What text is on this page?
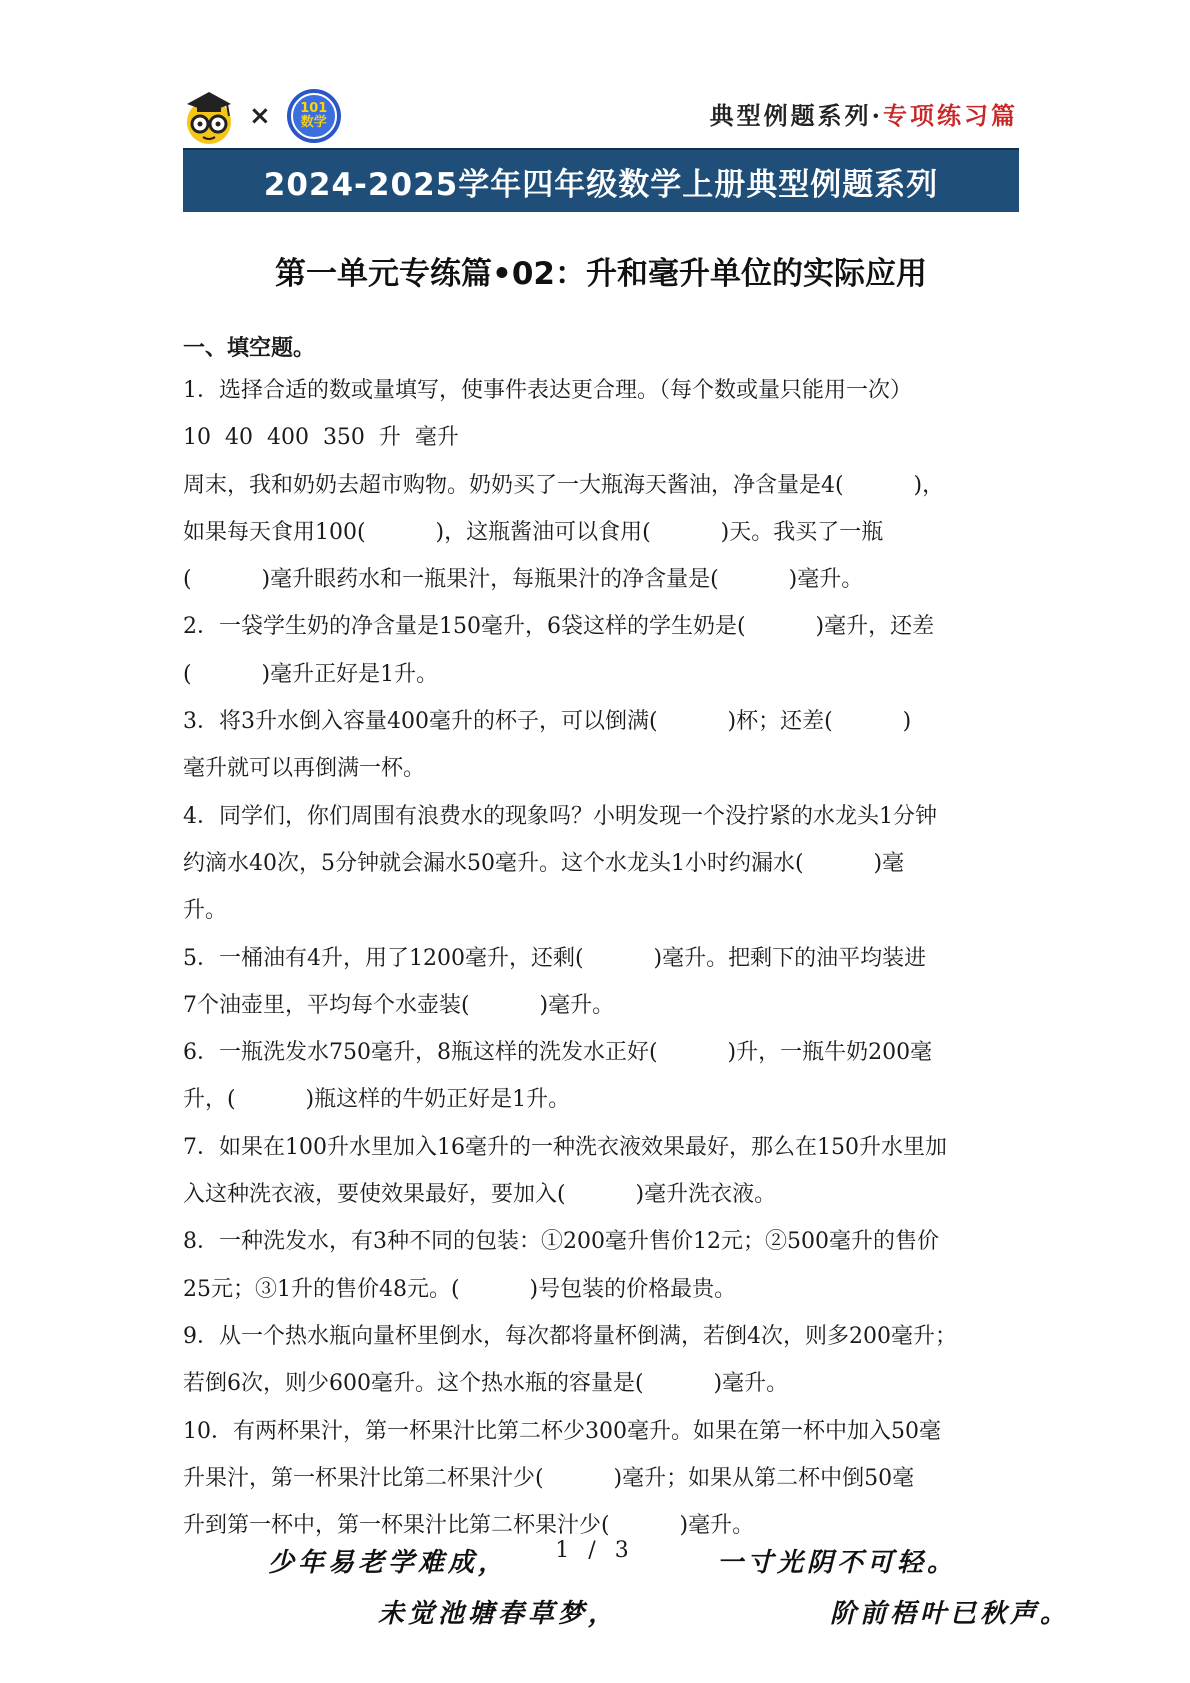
×	101数学	典型例题系列·专项练习篇
2024-2025学年四年级数学上册典型例题系列
第一单元专练篇•02：升和毫升单位的实际应用
一、填空题。

1．选择合适的数或量填写，使事件表达更合理。（每个数或量只能用一次）

10  40  400  350  升  毫升

周末，我和奶奶去超市购物。奶奶买了一大瓶海天酱油，净含量是4(          )，

如果每天食用100(          )，这瓶酱油可以食用(          )天。我买了一瓶

(          )毫升眼药水和一瓶果汁，每瓶果汁的净含量是(          )毫升。

2．一袋学生奶的净含量是150毫升，6袋这样的学生奶是(          )毫升，还差

(          )毫升正好是1升。

3．将3升水倒入容量400毫升的杯子，可以倒满(          )杯；还差(          )

毫升就可以再倒满一杯。

4．同学们，你们周围有浪费水的现象吗？小明发现一个没拧紧的水龙头1分钟

约滴水40次，5分钟就会漏水50毫升。这个水龙头1小时约漏水(          )毫

升。

5．一桶油有4升，用了1200毫升，还剩(          )毫升。把剩下的油平均装进

7个油壶里，平均每个水壶装(          )毫升。

6．一瓶洗发水750毫升，8瓶这样的洗发水正好(          )升，一瓶牛奶200毫

升，(          )瓶这样的牛奶正好是1升。

7．如果在100升水里加入16毫升的一种洗衣液效果最好，那么在150升水里加

入这种洗衣液，要使效果最好，要加入(          )毫升洗衣液。

8．一种洗发水，有3种不同的包装：①200毫升售价12元；②500毫升的售价

25元；③1升的售价48元。(          )号包装的价格最贵。

9．从一个热水瓶向量杯里倒水，每次都将量杯倒满，若倒4次，则多200毫升；

若倒6次，则少600毫升。这个热水瓶的容量是(          )毫升。

10．有两杯果汁，第一杯果汁比第二杯少300毫升。如果在第一杯中加入50毫

升果汁，第一杯果汁比第二杯果汁少(          )毫升；如果从第二杯中倒50毫

升到第一杯中，第一杯果汁比第二杯果汁少(          )毫升。

少年易老学难成，	1 / 3	一寸光阴不可轻。
未觉池塘春草梦，	阶前梧叶已秋声。
